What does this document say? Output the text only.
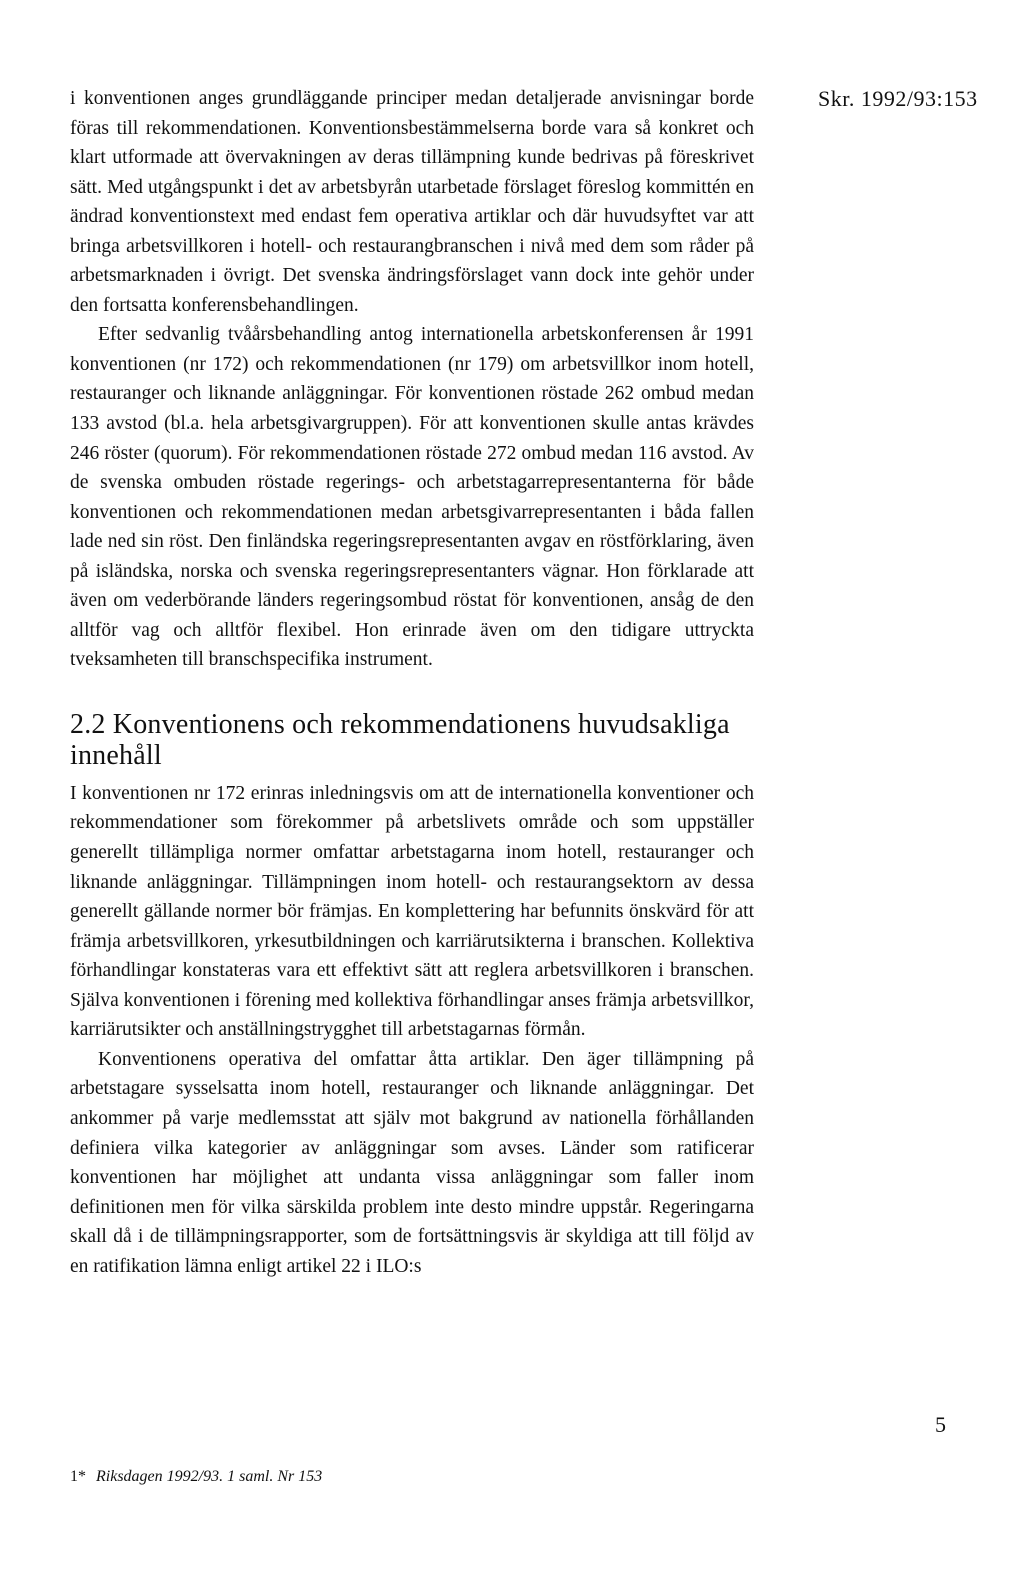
Skr. 1992/93:153

i konventionen anges grundläggande principer medan detaljerade anvisningar borde föras till rekommendationen. Konventionsbestämmelserna borde vara så konkret och klart utformade att övervakningen av deras tillämpning kunde bedrivas på föreskrivet sätt. Med utgångspunkt i det av arbetsbyrån utarbetade förslaget föreslog kommittén en ändrad konventionstext med endast fem operativa artiklar och där huvudsyftet var att bringa arbetsvillkoren i hotell- och restaurangbranschen i nivå med dem som råder på arbetsmarknaden i övrigt. Det svenska ändringsförslaget vann dock inte gehör under den fortsatta konferensbehandlingen.

Efter sedvanlig tvåårsbehandling antog internationella arbetskonferensen år 1991 konventionen (nr 172) och rekommendationen (nr 179) om arbetsvillkor inom hotell, restauranger och liknande anläggningar. För konventionen röstade 262 ombud medan 133 avstod (bl.a. hela arbetsgivargruppen). För att konventionen skulle antas krävdes 246 röster (quorum). För rekommendationen röstade 272 ombud medan 116 avstod. Av de svenska ombuden röstade regerings- och arbetstagarrepresentanterna för både konventionen och rekommendationen medan arbetsgivarrepresentanten i båda fallen lade ned sin röst. Den finländska regeringsrepresentanten avgav en röstförklaring, även på isländska, norska och svenska regeringsrepresentanters vägnar. Hon förklarade att även om vederbörande länders regeringsombud röstat för konventionen, ansåg de den alltför vag och alltför flexibel. Hon erinrade även om den tidigare uttryckta tveksamheten till branschspecifika instrument.

2.2 Konventionens och rekommendationens huvudsakliga innehåll

I konventionen nr 172 erinras inledningsvis om att de internationella konventioner och rekommendationer som förekommer på arbetslivets område och som uppställer generellt tillämpliga normer omfattar arbetstagarna inom hotell, restauranger och liknande anläggningar. Tillämpningen inom hotell- och restaurangsektorn av dessa generellt gällande normer bör främjas. En komplettering har befunnits önskvärd för att främja arbetsvillkoren, yrkesutbildningen och karriärutsikterna i branschen. Kollektiva förhandlingar konstateras vara ett effektivt sätt att reglera arbetsvillkoren i branschen. Själva konventionen i förening med kollektiva förhandlingar anses främja arbetsvillkor, karriärutsikter och anställningstrygghet till arbetstagarnas förmån.

Konventionens operativa del omfattar åtta artiklar. Den äger tillämpning på arbetstagare sysselsatta inom hotell, restauranger och liknande anläggningar. Det ankommer på varje medlemsstat att själv mot bakgrund av nationella förhållanden definiera vilka kategorier av anläggningar som avses. Länder som ratificerar konventionen har möjlighet att undanta vissa anläggningar som faller inom definitionen men för vilka särskilda problem inte desto mindre uppstår. Regeringarna skall då i de tillämpningsrapporter, som de fortsättningsvis är skyldiga att till följd av en ratifikation lämna enligt artikel 22 i ILO:s

5
1* Riksdagen 1992/93. 1 saml. Nr 153
